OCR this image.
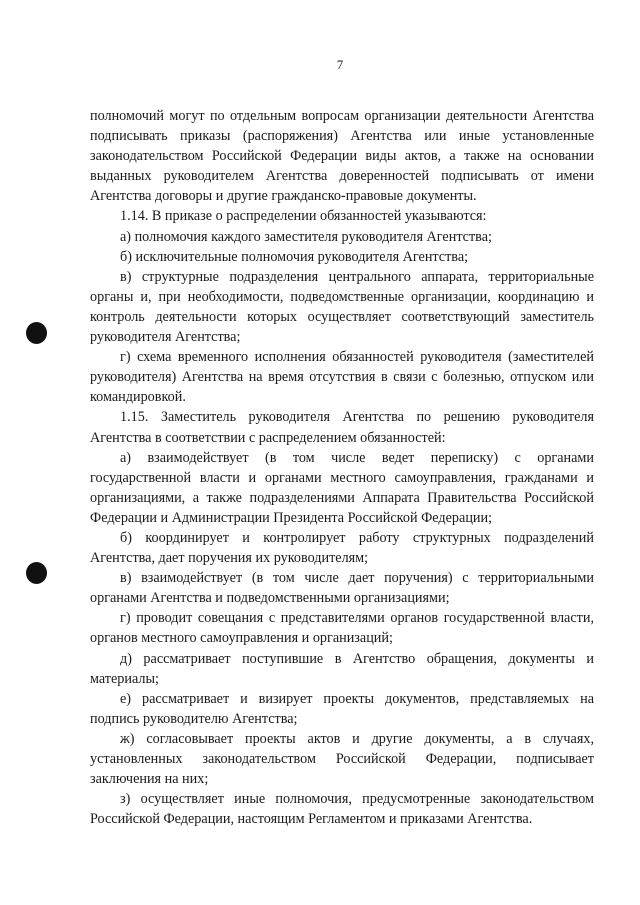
7

полномочий могут по отдельным вопросам организации деятельности Агентства подписывать приказы (распоряжения) Агентства или иные установленные законодательством Российской Федерации виды актов, а также на основании выданных руководителем Агентства доверенностей подписывать от имени Агентства договоры и другие гражданско-правовые документы.

1.14. В приказе о распределении обязанностей указываются:

а) полномочия каждого заместителя руководителя Агентства;

б) исключительные полномочия руководителя Агентства;

в) структурные подразделения центрального аппарата, территориальные органы и, при необходимости, подведомственные организации, координацию и контроль деятельности которых осуществляет соответствующий заместитель руководителя Агентства;

г) схема временного исполнения обязанностей руководителя (заместителей руководителя) Агентства на время отсутствия в связи с болезнью, отпуском или командировкой.

1.15. Заместитель руководителя Агентства по решению руководителя Агентства в соответствии с распределением обязанностей:

а) взаимодействует (в том числе ведет переписку) с органами государственной власти и органами местного самоуправления, гражданами и организациями, а также подразделениями Аппарата Правительства Российской Федерации и Администрации Президента Российской Федерации;

б) координирует и контролирует работу структурных подразделений Агентства, дает поручения их руководителям;

в) взаимодействует (в том числе дает поручения) с территориальными органами Агентства и подведомственными организациями;

г) проводит совещания с представителями органов государственной власти, органов местного самоуправления и организаций;

д) рассматривает поступившие в Агентство обращения, документы и материалы;

е) рассматривает и визирует проекты документов, представляемых на подпись руководителю Агентства;

ж) согласовывает проекты актов и другие документы, а в случаях, установленных законодательством Российской Федерации, подписывает заключения на них;

з) осуществляет иные полномочия, предусмотренные законодательством Российской Федерации, настоящим Регламентом и приказами Агентства.
